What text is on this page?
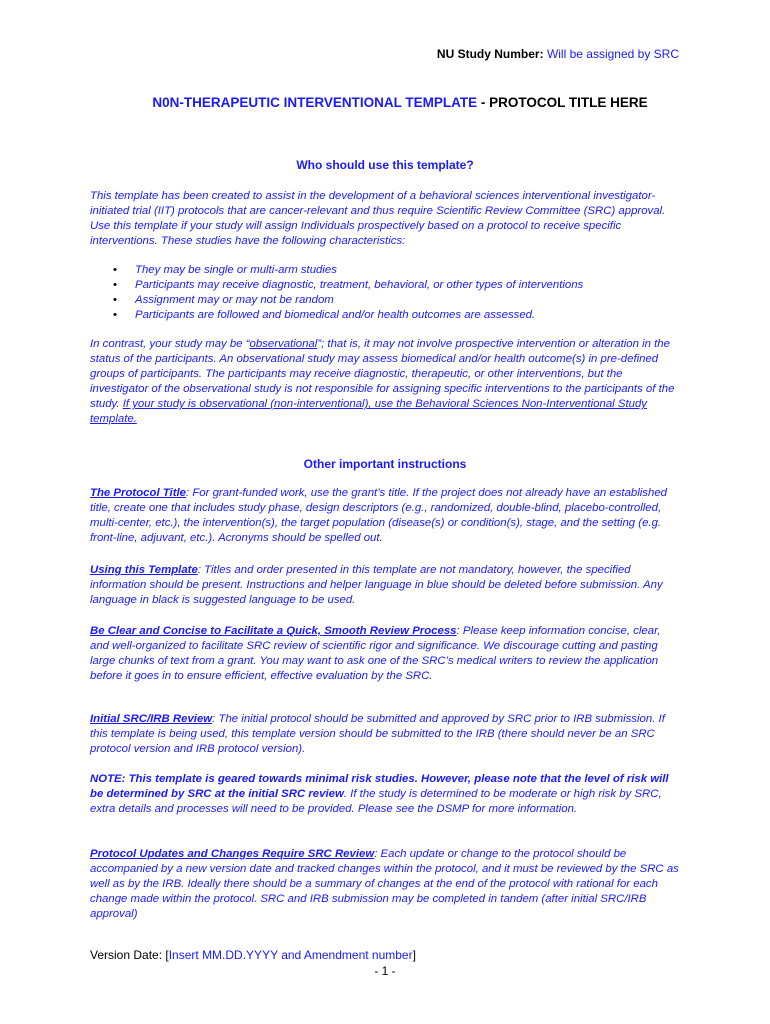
NU Study Number: Will be assigned by SRC
N0N-THERAPEUTIC INTERVENTIONAL TEMPLATE - PROTOCOL TITLE HERE
Who should use this template?

This template has been created to assist in the development of a behavioral sciences interventional investigator-initiated trial (IIT) protocols that are cancer-relevant and thus require Scientific Review Committee (SRC) approval. Use this template if your study will assign Individuals prospectively based on a protocol to receive specific interventions. These studies have the following characteristics:

• They may be single or multi-arm studies
• Participants may receive diagnostic, treatment, behavioral, or other types of interventions
• Assignment may or may not be random
• Participants are followed and biomedical and/or health outcomes are assessed.

In contrast, your study may be “observational”; that is, it may not involve prospective intervention or alteration in the status of the participants. An observational study may assess biomedical and/or health outcome(s) in pre-defined groups of participants. The participants may receive diagnostic, therapeutic, or other interventions, but the investigator of the observational study is not responsible for assigning specific interventions to the participants of the study. If your study is observational (non-interventional), use the Behavioral Sciences Non-Interventional Study template.

Other important instructions

The Protocol Title: For grant-funded work, use the grant’s title. If the project does not already have an established title, create one that includes study phase, design descriptors (e.g., randomized, double-blind, placebo-controlled, multi-center, etc.), the intervention(s), the target population (disease(s) or condition(s), stage, and the setting (e.g. front-line, adjuvant, etc.). Acronyms should be spelled out.

Using this Template: Titles and order presented in this template are not mandatory, however, the specified information should be present. Instructions and helper language in blue should be deleted before submission. Any language in black is suggested language to be used.

Be Clear and Concise to Facilitate a Quick, Smooth Review Process: Please keep information concise, clear, and well-organized to facilitate SRC review of scientific rigor and significance. We discourage cutting and pasting large chunks of text from a grant. You may want to ask one of the SRC’s medical writers to review the application before it goes in to ensure efficient, effective evaluation by the SRC.

Initial SRC/IRB Review: The initial protocol should be submitted and approved by SRC prior to IRB submission. If this template is being used, this template version should be submitted to the IRB (there should never be an SRC protocol version and IRB protocol version).

NOTE: This template is geared towards minimal risk studies. However, please note that the level of risk will be determined by SRC at the initial SRC review. If the study is determined to be moderate or high risk by SRC, extra details and processes will need to be provided. Please see the DSMP for more information.

Protocol Updates and Changes Require SRC Review: Each update or change to the protocol should be accompanied by a new version date and tracked changes within the protocol, and it must be reviewed by the SRC as well as by the IRB. Ideally there should be a summary of changes at the end of the protocol with rational for each change made within the protocol. SRC and IRB submission may be completed in tandem (after initial SRC/IRB approval)

Version Date: [Insert MM.DD.YYYY and Amendment number]
- 1 -
